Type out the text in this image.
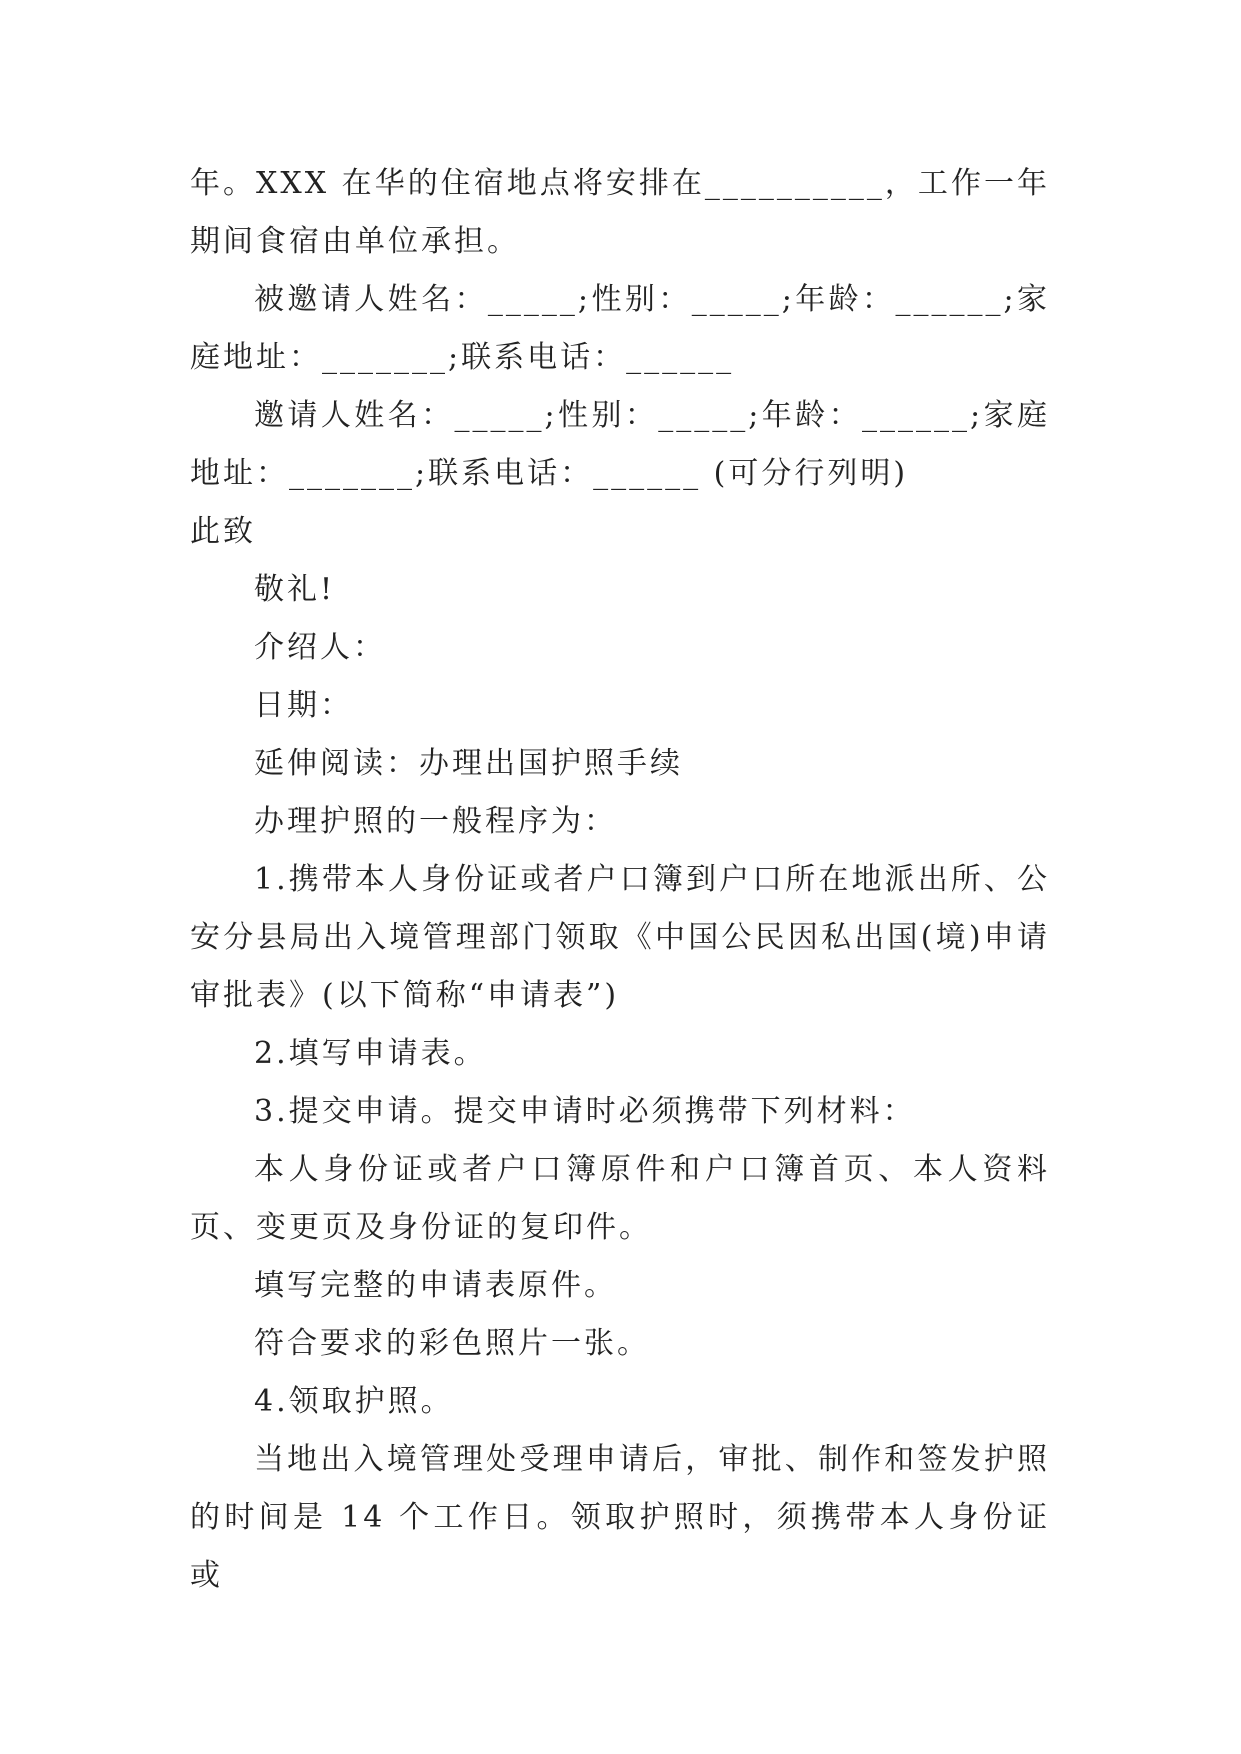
年。XXX 在华的住宿地点将安排在__________，工作一年期间食宿由单位承担。

被邀请人姓名：_____;性别：_____;年龄：______;家庭地址：_______;联系电话：______

邀请人姓名：_____;性别：_____;年龄：______;家庭地址：_______;联系电话：______ (可分行列明)

此致

敬礼!

介绍人：

日期：

延伸阅读：办理出国护照手续

办理护照的一般程序为：

1.携带本人身份证或者户口簿到户口所在地派出所、公安分县局出入境管理部门领取《中国公民因私出国(境)申请审批表》(以下简称“申请表”)

2.填写申请表。

3.提交申请。提交申请时必须携带下列材料：

本人身份证或者户口簿原件和户口簿首页、本人资料页、变更页及身份证的复印件。

填写完整的申请表原件。

符合要求的彩色照片一张。

4.领取护照。

当地出入境管理处受理申请后，审批、制作和签发护照的时间是 14 个工作日。领取护照时，须携带本人身份证或
